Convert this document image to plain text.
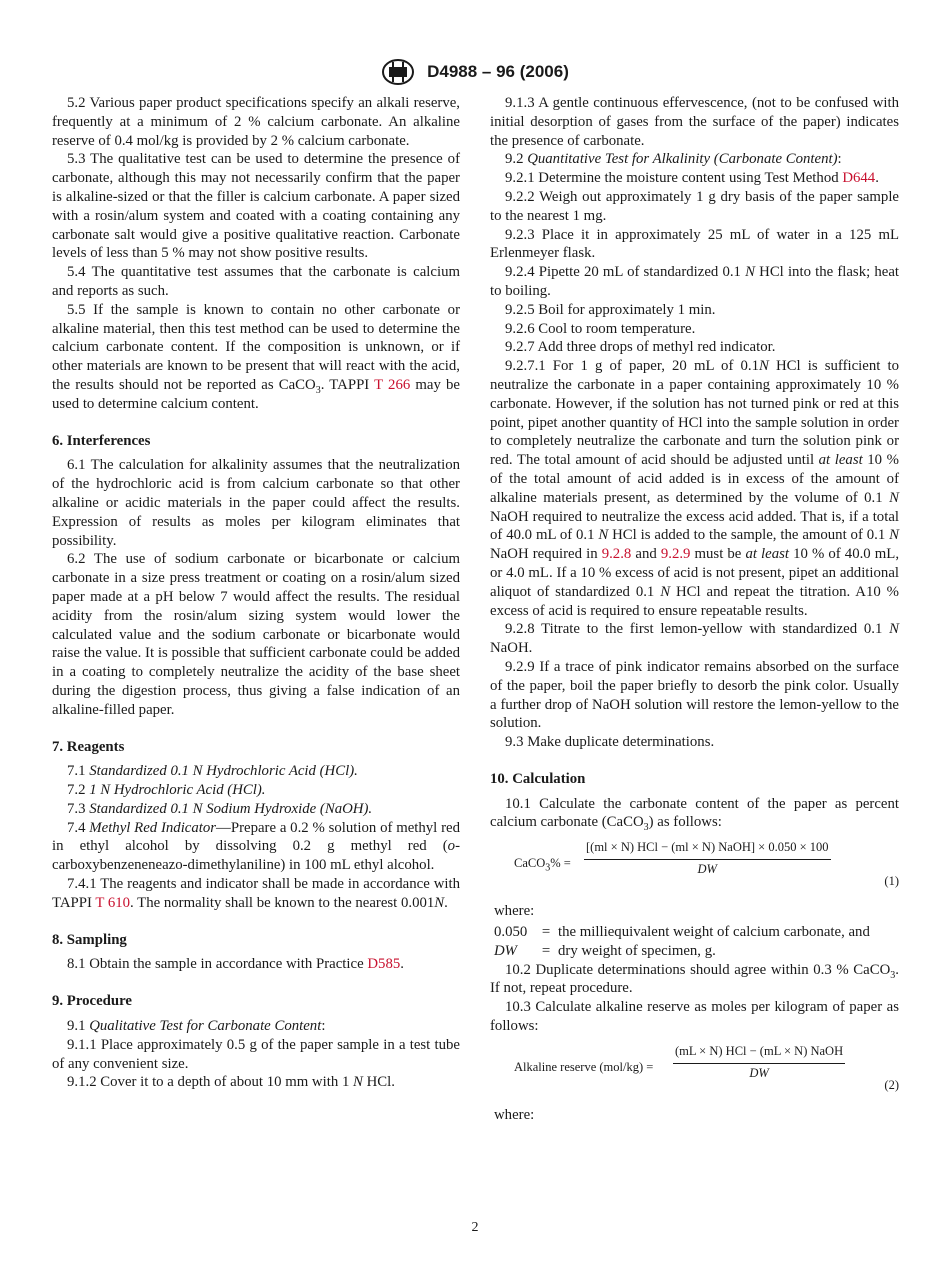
D4988 – 96 (2006)

5.2 Various paper product specifications specify an alkali reserve, frequently at a minimum of 2 % calcium carbonate. An alkaline reserve of 0.4 mol/kg is provided by 2 % calcium carbonate.

5.3 The qualitative test can be used to determine the presence of carbonate, although this may not necessarily confirm that the paper is alkaline-sized or that the filler is calcium carbonate. A paper sized with a rosin/alum system and coated with a coating containing any carbonate salt would give a positive qualitative reaction. Carbonate levels of less than 5 % may not show positive results.

5.4 The quantitative test assumes that the carbonate is calcium and reports as such.

5.5 If the sample is known to contain no other carbonate or alkaline material, then this test method can be used to determine the calcium carbonate content. If the composition is unknown, or if other materials are known to be present that will react with the acid, the results should not be reported as CaCO$_3$. TAPPI T 266 may be used to determine calcium content.

6. Interferences

6.1 The calculation for alkalinity assumes that the neutralization of the hydrochloric acid is from calcium carbonate so that other alkaline or acidic materials in the paper could affect the results. Expression of results as moles per kilogram eliminates that possibility.

6.2 The use of sodium carbonate or bicarbonate or calcium carbonate in a size press treatment or coating on a rosin/alum sized paper made at a pH below 7 would affect the results. The residual acidity from the rosin/alum sizing system would lower the calculated value and the sodium carbonate or bicarbonate would raise the value. It is possible that sufficient carbonate could be added in a coating to completely neutralize the acidity of the base sheet during the digestion process, thus giving a false indication of an alkaline-filled paper.

7. Reagents

7.1 Standardized 0.1 N Hydrochloric Acid (HCl).

7.2 1 N Hydrochloric Acid (HCl).

7.3 Standardized 0.1 N Sodium Hydroxide (NaOH).

7.4 Methyl Red Indicator—Prepare a 0.2 % solution of methyl red in ethyl alcohol by dissolving 0.2 g methyl red (o-carboxybenzeneneazo-dimethylaniline) in 100 mL ethyl alcohol.

7.4.1 The reagents and indicator shall be made in accordance with TAPPI T 610. The normality shall be known to the nearest 0.001N.

8. Sampling

8.1 Obtain the sample in accordance with Practice D585.

9. Procedure

9.1 Qualitative Test for Carbonate Content:

9.1.1 Place approximately 0.5 g of the paper sample in a test tube of any convenient size.

9.1.2 Cover it to a depth of about 10 mm with 1 N HCl.

9.1.3 A gentle continuous effervescence, (not to be confused with initial desorption of gases from the surface of the paper) indicates the presence of carbonate.

9.2 Quantitative Test for Alkalinity (Carbonate Content):

9.2.1 Determine the moisture content using Test Method D644.

9.2.2 Weigh out approximately 1 g dry basis of the paper sample to the nearest 1 mg.

9.2.3 Place it in approximately 25 mL of water in a 125 mL Erlenmeyer flask.

9.2.4 Pipette 20 mL of standardized 0.1 N HCl into the flask; heat to boiling.

9.2.5 Boil for approximately 1 min.

9.2.6 Cool to room temperature.

9.2.7 Add three drops of methyl red indicator.

9.2.7.1 For 1 g of paper, 20 mL of 0.1N HCl is sufficient to neutralize the carbonate in a paper containing approximately 10 % carbonate. However, if the solution has not turned pink or red at this point, pipet another quantity of HCl into the sample solution in order to completely neutralize the carbonate and turn the solution pink or red. The total amount of acid should be adjusted until at least 10 % of the total amount of acid added is in excess of the amount of alkaline materials present, as determined by the volume of 0.1 N NaOH required to neutralize the excess acid added. That is, if a total of 40.0 mL of 0.1 N HCl is added to the sample, the amount of 0.1 N NaOH required in 9.2.8 and 9.2.9 must be at least 10 % of 40.0 mL, or 4.0 mL. If a 10 % excess of acid is not present, pipet an additional aliquot of standardized 0.1 N HCl and repeat the titration. A10 % excess of acid is required to ensure repeatable results.

9.2.8 Titrate to the first lemon-yellow with standardized 0.1 N NaOH.

9.2.9 If a trace of pink indicator remains absorbed on the surface of the paper, boil the paper briefly to desorb the pink color. Usually a further drop of NaOH solution will restore the lemon-yellow to the solution.

9.3 Make duplicate determinations.

10. Calculation

10.1 Calculate the carbonate content of the paper as percent calcium carbonate (CaCO$_3$) as follows:

CaCO$_3$% =
[(ml × N) HCl − (ml × N) NaOH] × 0.050 × 100
DW
(1)
where:
0.050 = the milliequivalent weight of calcium carbonate, and
DW	= dry weight of specimen, g.

10.2 Duplicate determinations should agree within 0.3 % CaCO$_3$. If not, repeat procedure.

10.3 Calculate alkaline reserve as moles per kilogram of paper as follows:

Alkaline reserve (mol/kg) =
(mL × N) HCl − (mL × N) NaOH
DW
(2)
where:
2
